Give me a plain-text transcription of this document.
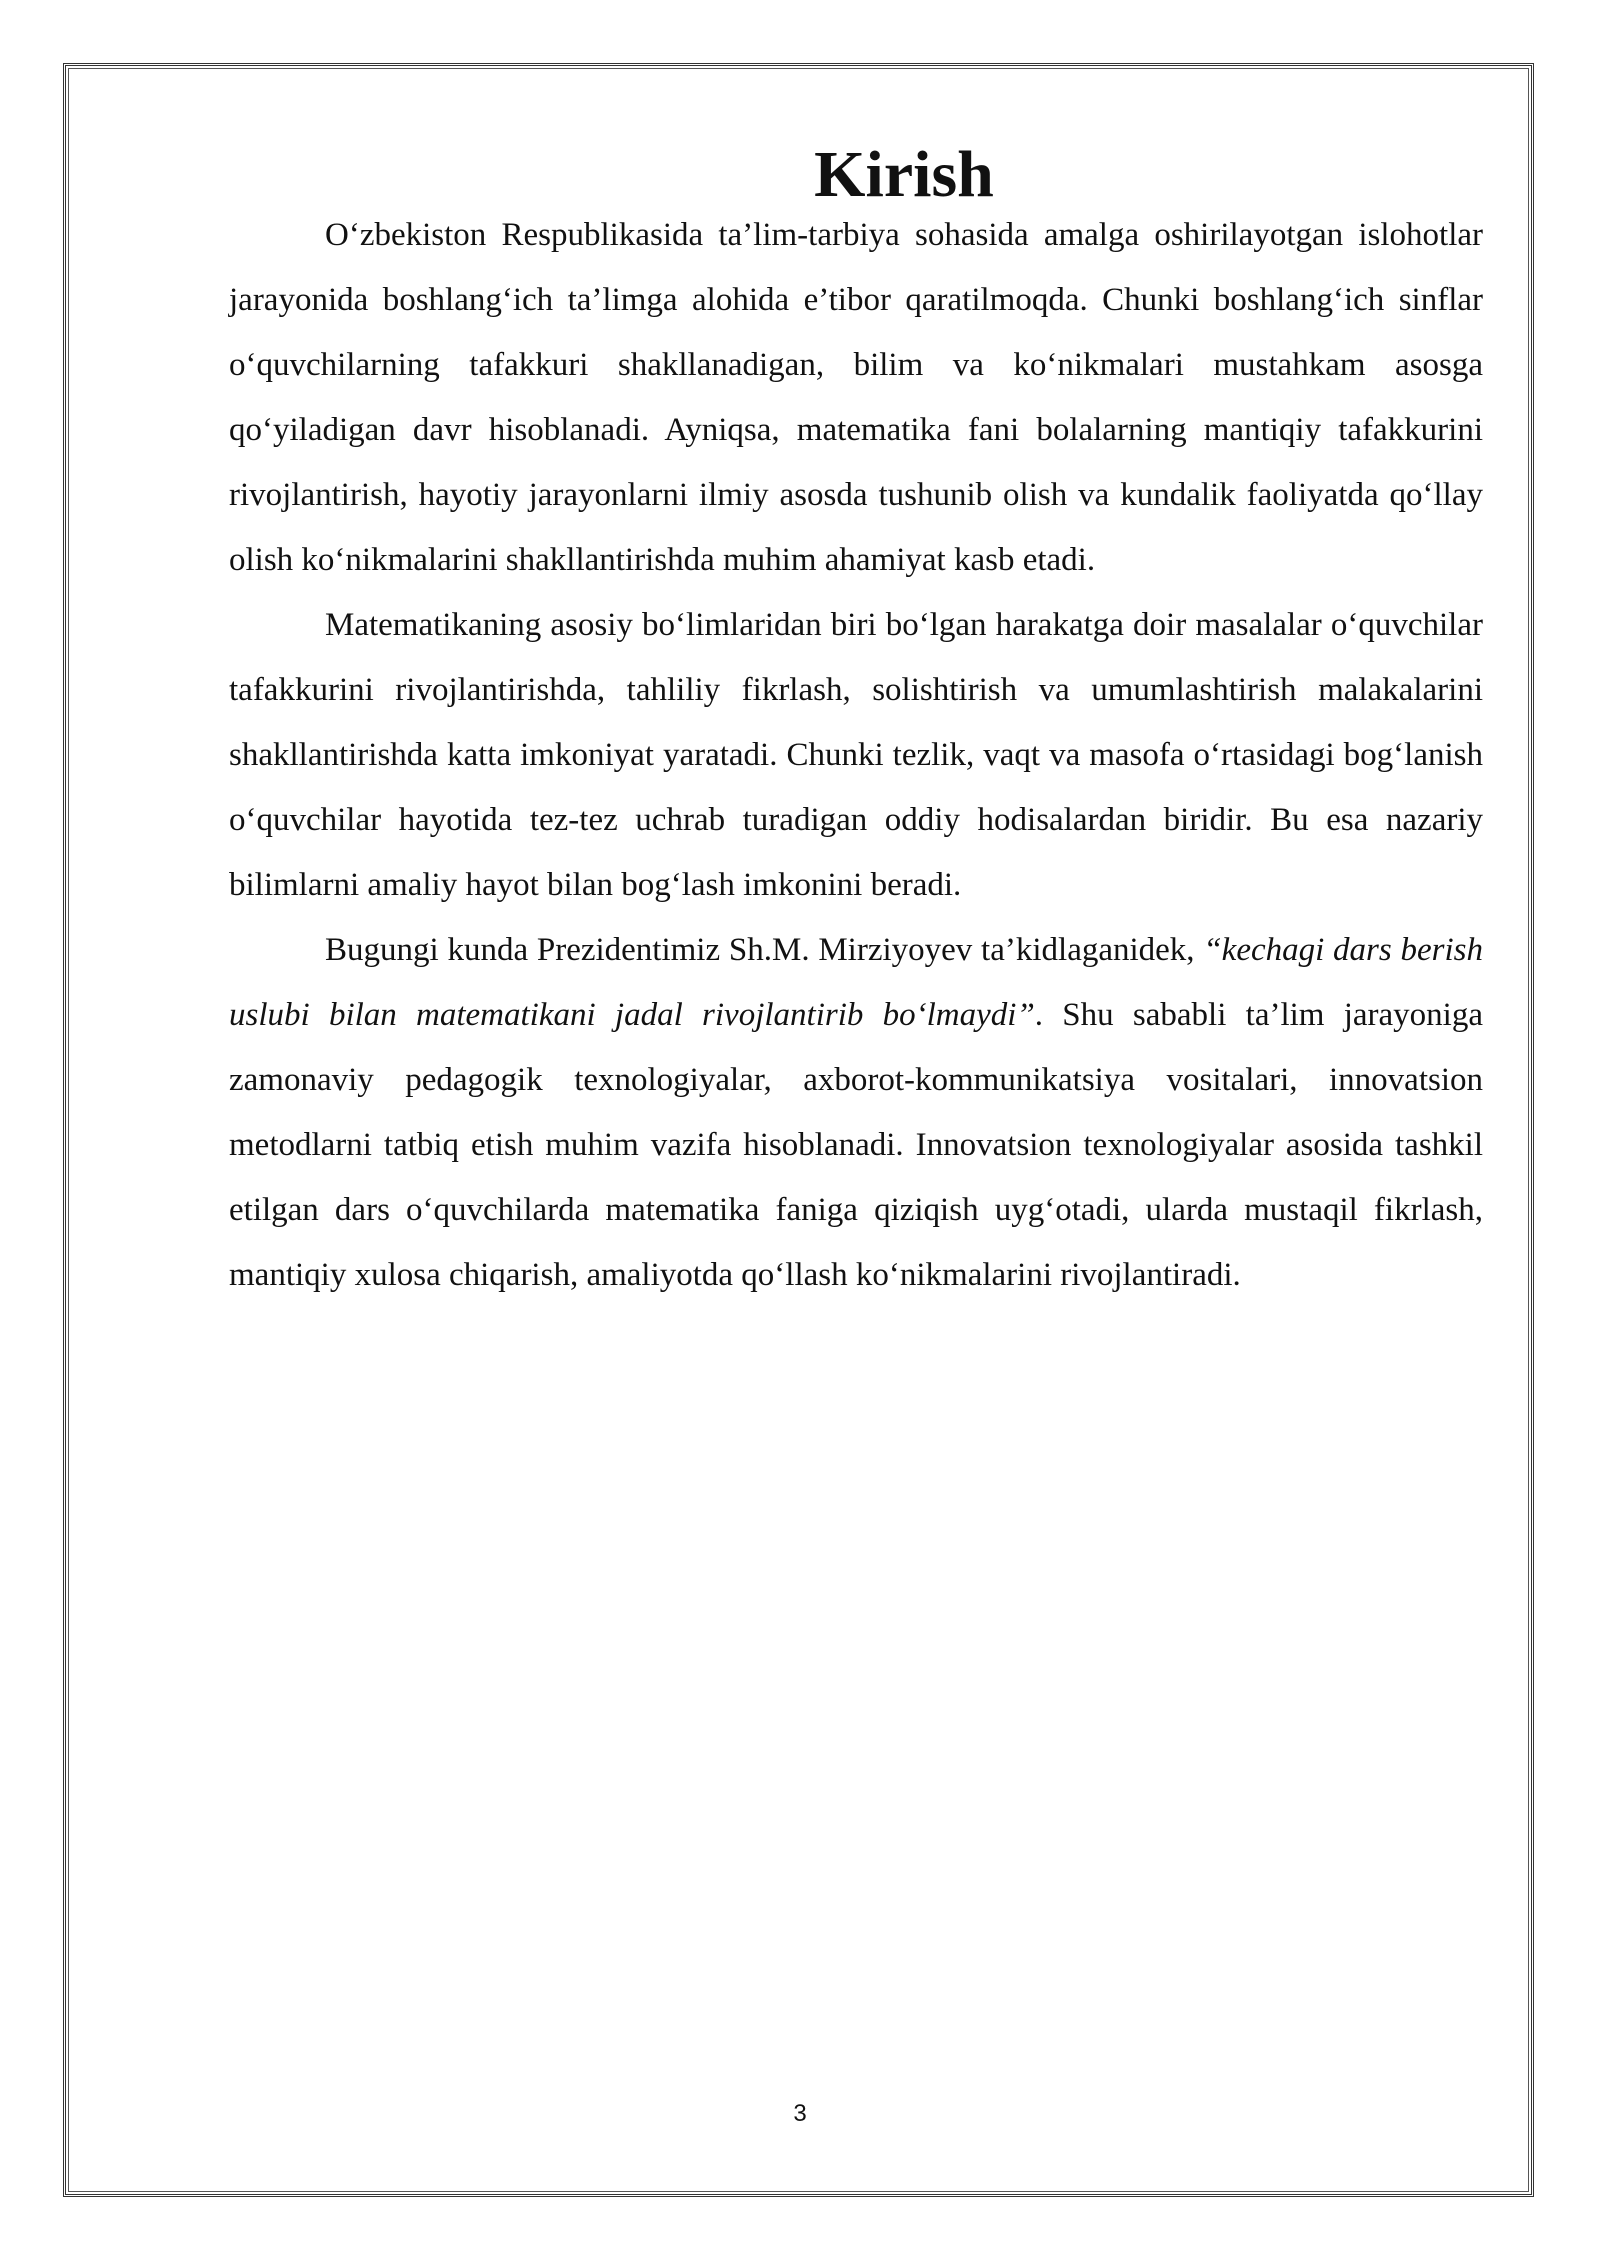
Kirish

O‘zbekiston Respublikasida ta’lim-tarbiya sohasida amalga oshirilayotgan islohotlar jarayonida boshlang‘ich ta’limga alohida e’tibor qaratilmoqda. Chunki boshlang‘ich sinflar o‘quvchilarning tafakkuri shakllanadigan, bilim va ko‘nikmalari mustahkam asosga qo‘yiladigan davr hisoblanadi. Ayniqsa, matematika fani bolalarning mantiqiy tafakkurini rivojlantirish, hayotiy jarayonlarni ilmiy asosda tushunib olish va kundalik faoliyatda qo‘llay olish ko‘nikmalarini shakllantirishda muhim ahamiyat kasb etadi.

Matematikaning asosiy bo‘limlaridan biri bo‘lgan harakatga doir masalalar o‘quvchilar tafakkurini rivojlantirishda, tahliliy fikrlash, solishtirish va umumlashtirish malakalarini shakllantirishda katta imkoniyat yaratadi. Chunki tezlik, vaqt va masofa o‘rtasidagi bog‘lanish o‘quvchilar hayotida tez-tez uchrab turadigan oddiy hodisalardan biridir. Bu esa nazariy bilimlarni amaliy hayot bilan bog‘lash imkonini beradi.

Bugungi kunda Prezidentimiz Sh.M. Mirziyoyev ta’kidlaganidek, “kechagi dars berish uslubi bilan matematikani jadal rivojlantirib bo‘lmaydi”. Shu sababli ta’lim jarayoniga zamonaviy pedagogik texnologiyalar, axborot-kommunikatsiya vositalari, innovatsion metodlarni tatbiq etish muhim vazifa hisoblanadi. Innovatsion texnologiyalar asosida tashkil etilgan dars o‘quvchilarda matematika faniga qiziqish uyg‘otadi, ularda mustaqil fikrlash, mantiqiy xulosa chiqarish, amaliyotda qo‘llash ko‘nikmalarini rivojlantiradi.

3
